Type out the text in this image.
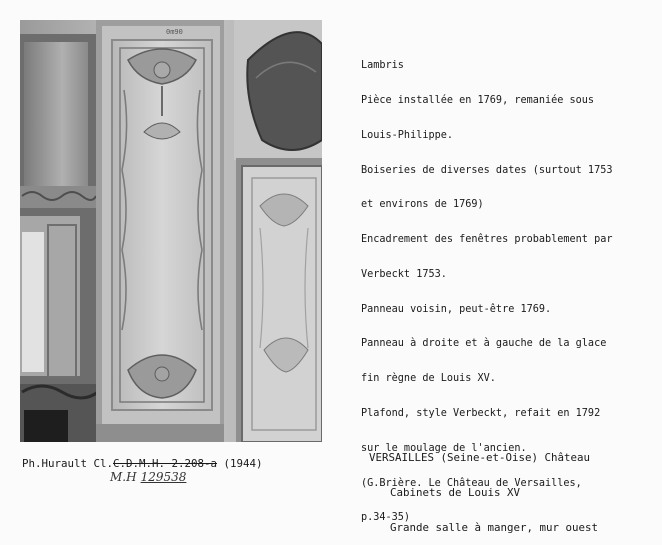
0m90

Lambris

Pièce installée en 1769, remaniée sous

Louis-Philippe.

Boiseries de diverses dates (surtout 1753

et environs de 1769)

Encadrement des fenêtres probablement par

Verbeckt 1753.

Panneau voisin, peut-être 1769.

Panneau à droite et à gauche de la glace

fin règne de Louis XV.

Plafond, style Verbeckt, refait en 1792

sur le moulage de l'ancien.

(G.Brière. Le Château de Versailles,

p.34-35)

VERSAILLES (Seine-et-Oise) Château

Cabinets de Louis XV

Grande salle à manger, mur ouest

Ph.Hurault Cl.C.D.M.H. 2.208-a (1944)
M.H 129538
